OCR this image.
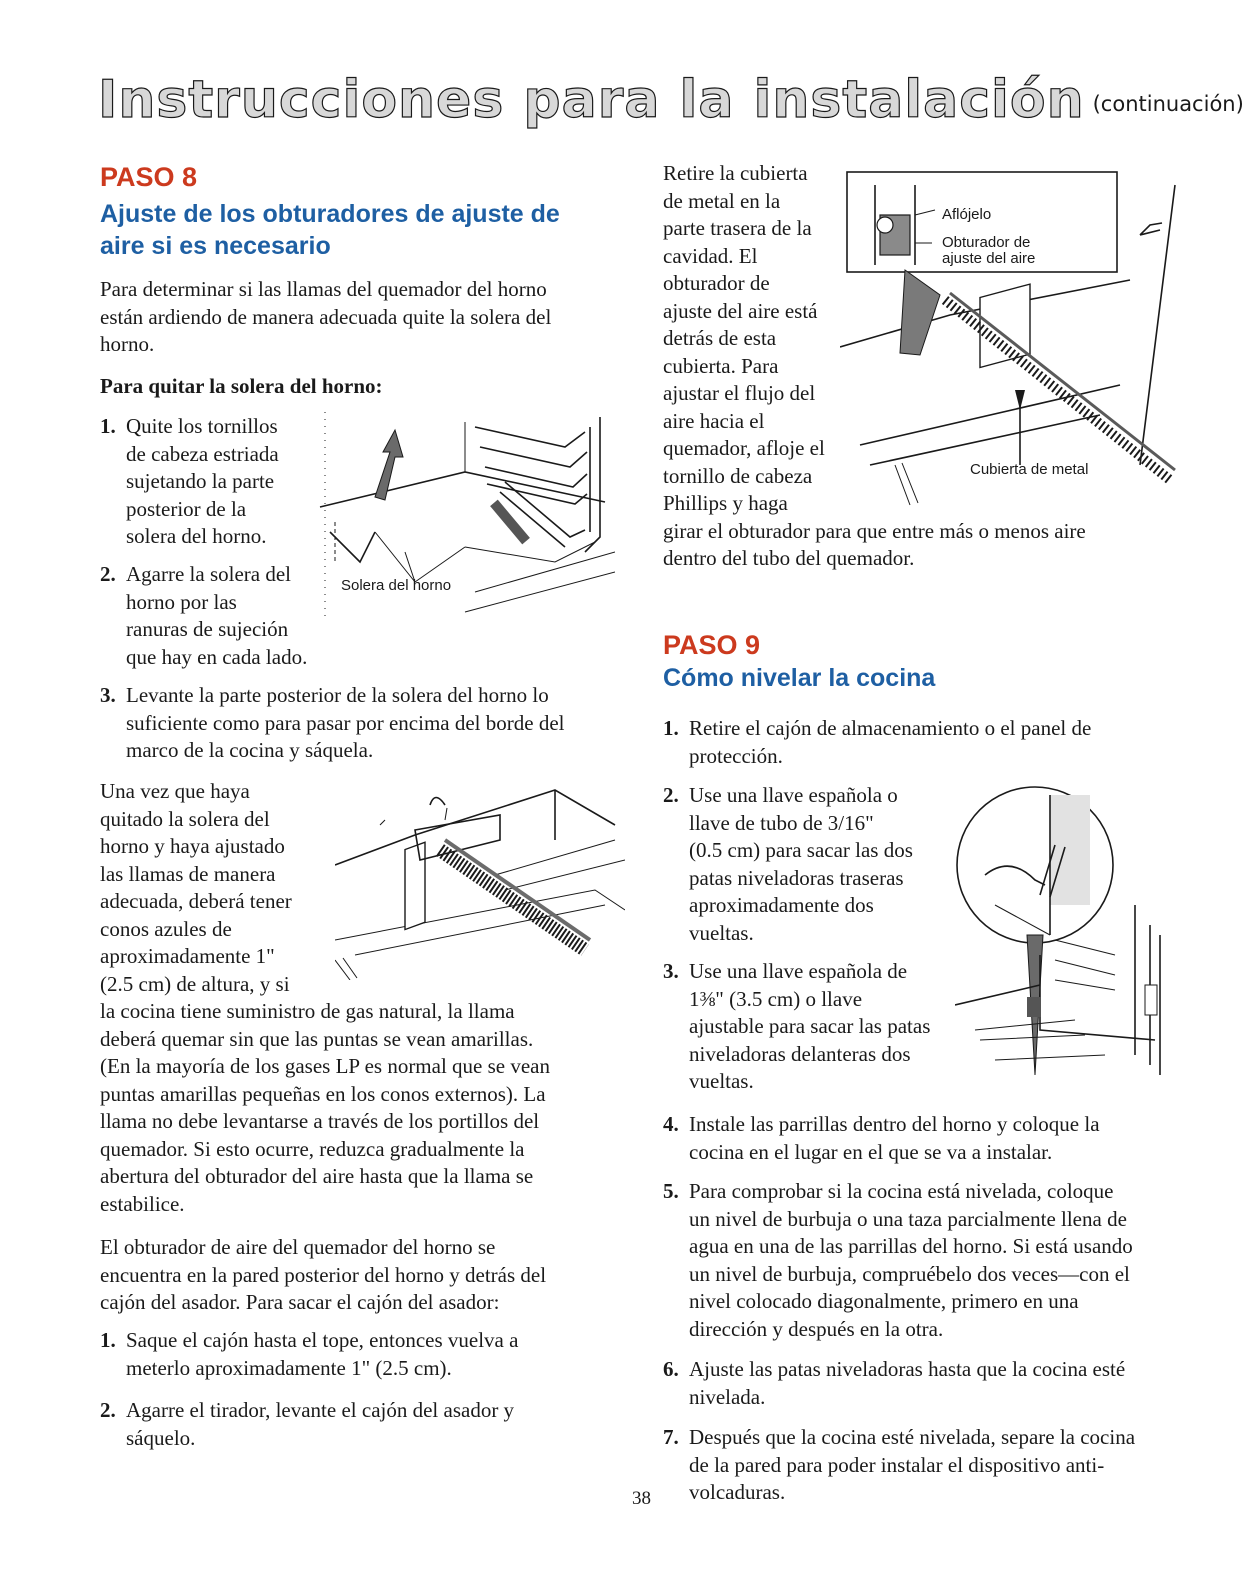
Instrucciones para la instalación (continuación)

PASO 8

Ajuste de los obturadores de ajuste de

aire si es necesario

Para determinar si las llamas del quemador del horno

están ardiendo de manera adecuada quite la solera del

horno.

Para quitar la solera del horno:

1. Quite los tornillos
de cabeza estriada
sujetando la parte
posterior de la
solera del horno.
2. Agarre la solera del
horno por las
ranuras de sujeción
que hay en cada lado.
3. Levante la parte posterior de la solera del horno lo
suficiente como para pasar por encima del borde del
marco de la cocina y sáquela.
Solera del horno

Una vez que haya

quitado la solera del

horno y haya ajustado

las llamas de manera

adecuada, deberá tener

conos azules de

aproximadamente 1"

(2.5 cm) de altura, y si

la cocina tiene suministro de gas natural, la llama

deberá quemar sin que las puntas se vean amarillas.

(En la mayoría de los gases LP es normal que se vean

puntas amarillas pequeñas en los conos externos). La

llama no debe levantarse a través de los portillos del

quemador. Si esto ocurre, reduzca gradualmente la

abertura del obturador del aire hasta que la llama se

estabilice.

El obturador de aire del quemador del horno se

encuentra en la pared posterior del horno y detrás del

cajón del asador. Para sacar el cajón del asador:

1. Saque el cajón hasta el tope, entonces vuelva a
meterlo aproximadamente 1" (2.5 cm).
2. Agarre el tirador, levante el cajón del asador y
sáquelo.

Retire la cubierta

de metal en la

parte trasera de la

cavidad. El

obturador de

ajuste del aire está

detrás de esta

cubierta. Para

ajustar el flujo del

aire hacia el

quemador, afloje el

tornillo de cabeza

Phillips y haga

girar el obturador para que entre más o menos aire

dentro del tubo del quemador.

Aflójelo
Obturador de
ajuste del aire
Cubierta de metal

PASO 9

Cómo nivelar la cocina

1. Retire el cajón de almacenamiento o el panel de
protección.
2. Use una llave española o
llave de tubo de 3/16"
(0.5 cm) para sacar las dos
patas niveladoras traseras
aproximadamente dos
vueltas.
3. Use una llave española de
1⅜" (3.5 cm) o llave
ajustable para sacar las patas
niveladoras delanteras dos
vueltas.
4. Instale las parrillas dentro del horno y coloque la
cocina en el lugar en el que se va a instalar.
5. Para comprobar si la cocina está nivelada, coloque
un nivel de burbuja o una taza parcialmente llena de
agua en una de las parrillas del horno. Si está usando
un nivel de burbuja, compruébelo dos veces—con el
nivel colocado diagonalmente, primero en una
dirección y después en la otra.
6. Ajuste las patas niveladoras hasta que la cocina esté
nivelada.
7. Después que la cocina esté nivelada, separe la cocina
de la pared para poder instalar el dispositivo anti-
volcaduras.
38
